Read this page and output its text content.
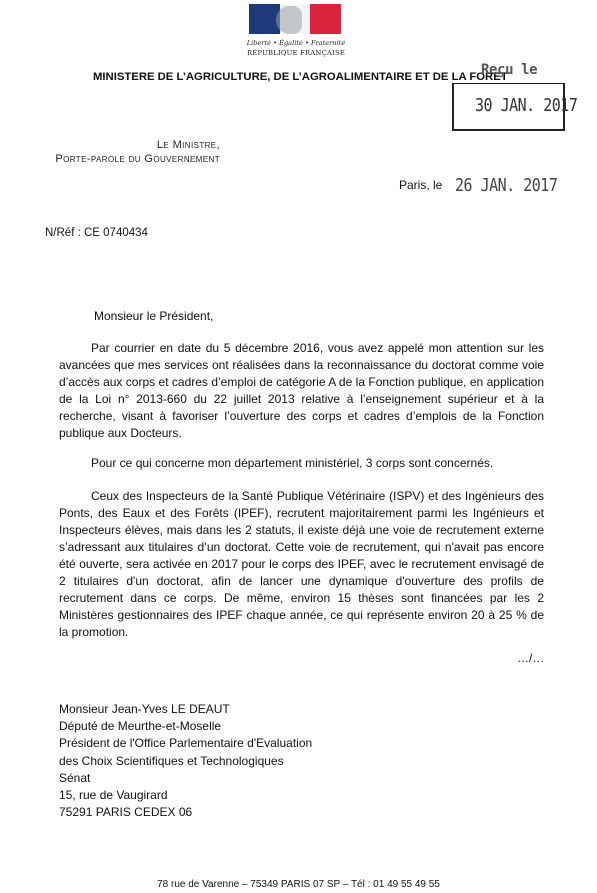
Liberté • Égalité • Fraternité
RÉPUBLIQUE FRANÇAISE
MINISTERE DE L’AGRICULTURE, DE L’AGROALIMENTAIRE ET DE LA FORET
Reçu le
30 JAN. 2017
Le Ministre,
Porte-parole du Gouvernement
Paris, le 26 JAN. 2017
N/Réf : CE 0740434
Monsieur le Président,

Par courrier en date du 5 décembre 2016, vous avez appelé mon attention sur les avancées que mes services ont réalisées dans la reconnaissance du doctorat comme voie d’accès aux corps et cadres d’emploi de catégorie A de la Fonction publique, en application de la Loi n° 2013-660 du 22 juillet 2013 relative à l’enseignement supérieur et à la recherche, visant à favoriser l’ouverture des corps et cadres d’emplois de la Fonction publique aux Docteurs.

Pour ce qui concerne mon département ministériel, 3 corps sont concernés.

Ceux des Inspecteurs de la Santé Publique Vétérinaire (ISPV) et des Ingénieurs des Ponts, des Eaux et des Forêts (IPEF), recrutent majoritairement parmi les Ingénieurs et Inspecteurs élèves, mais dans les 2 statuts, il existe déjà une voie de recrutement externe s’adressant aux titulaires d’un doctorat. Cette voie de recrutement, qui n'avait pas encore été ouverte, sera activée en 2017 pour le corps des IPEF, avec le recrutement envisagé de 2 titulaires d'un doctorat, afin de lancer une dynamique d'ouverture des profils de recrutement dans ce corps. De même, environ 15 thèses sont financées par les 2 Ministères gestionnaires des IPEF chaque année, ce qui représente environ 20 à 25 % de la promotion.

…/…
Monsieur Jean-Yves LE DEAUT
Député de Meurthe-et-Moselle
Président de l'Office Parlementaire d'Evaluation
des Choix Scientifiques et Technologiques
Sénat
15, rue de Vaugirard
75291 PARIS CEDEX 06
78 rue de Varenne – 75349 PARIS 07 SP – Tél : 01 49 55 49 55
